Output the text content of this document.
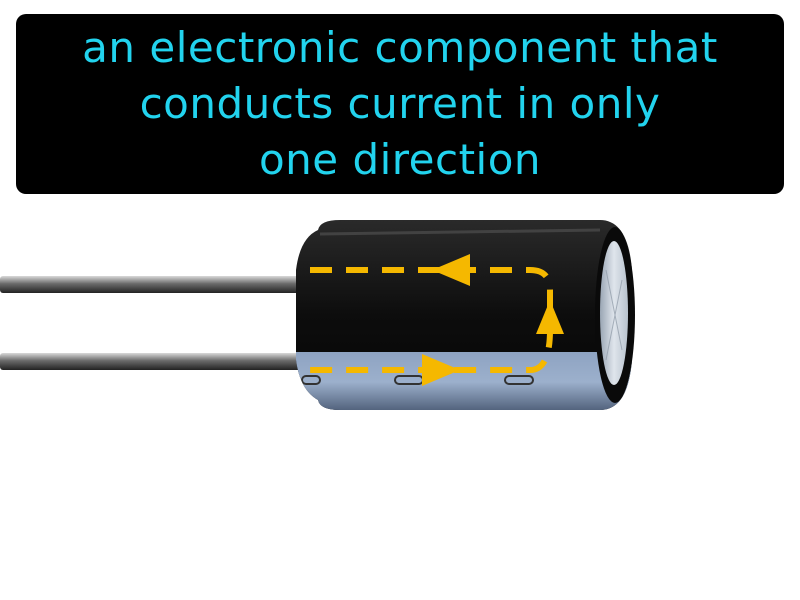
an electronic component that
conducts current in only
one direction
